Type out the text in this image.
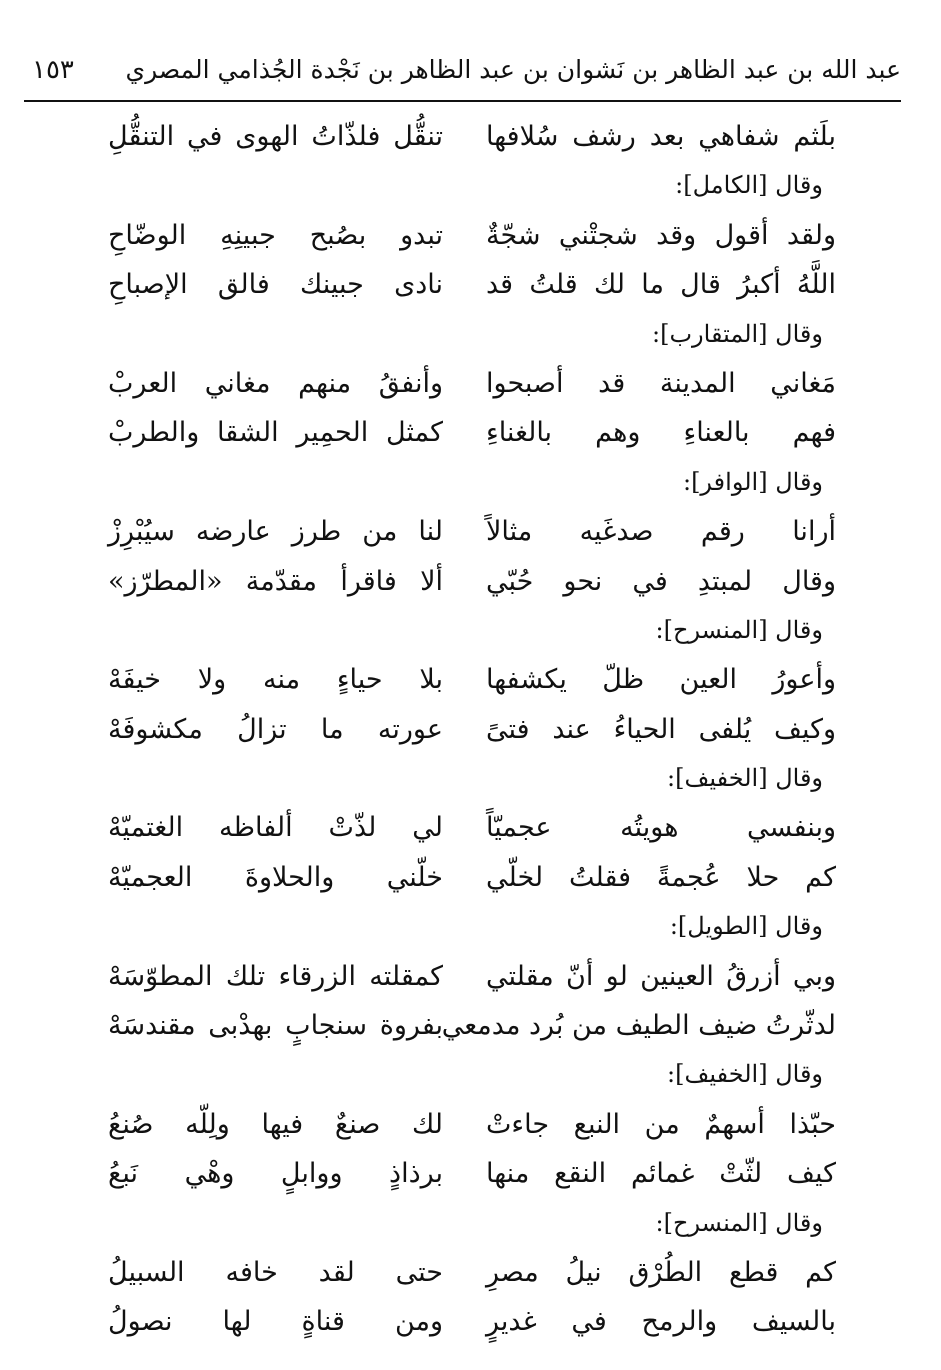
عبد الله بن عبد الظاهر بن نَشوان بن عبد الظاهر بن نَجْدة الجُذامي المصري
١٥٣
بلَثم شفاهي بعد رشف سُلافها
تنقُّل فلذّاتُ الهوى في التنقُّلِ
وقال [الكامل]:
ولقد أقول وقد شجتْني شجّةٌ
تبدو بصُبح جبينِهِ الوضّاحِ
اللَّهُ أكبرُ قال ما لك قلتُ قد
نادى جبينك فالق الإصباحِ
وقال [المتقارب]:
مَغاني المدينة قد أصبحوا
وأنفقُ منهم مغاني العربْ
فهم بالعناءِ وهم بالغناءِ
كمثل الحمِير الشقا والطربْ
وقال [الوافر]:
أرانا رقم صدغَيه مثالاً
لنا من طرز عارضه سيُبْرِزْ
وقال لمبتدِ في نحو حُبّي
ألا فاقرأ مقدّمة «المطرّز»
وقال [المنسرح]:
وأعورُ العين ظلّ يكشفها
بلا حياءٍ منه ولا خيفَهْ
وكيف يُلفى الحياءُ عند فتىً
عورته ما تزالُ مكشوفَهْ
وقال [الخفيف]:
وبنفسي هويتُه عجميّاً
لي لذّتْ ألفاظه الغتميّهْ
كم حلا عُجمةً فقلتُ لخلّي
خلّني والحلاوةَ العجميّهْ
وقال [الطويل]:
وبي أزرقُ العينين لو أنّ مقلتي
كمقلته الزرقاء تلك المطوّسَهْ
لدثّرتُ ضيف الطيف من بُرد مدمعي
بفروة سنجابٍ بهدْبى مقندسَهْ
وقال [الخفيف]:
حبّذا أسهمٌ من النبع جاءتْ
لك صنعٌ فيها ولِلّه صُنعُ
كيف لثّتْ غمائم النقع منها
برذاذٍ ووابلٍ وهْي نَبعُ
وقال [المنسرح]:
كم قطع الطُرْق نيلُ مصرِ
حتى لقد خافه السبيلُ
بالسيف والرمح في غديرٍ
ومن قناةٍ لها نصولُ
